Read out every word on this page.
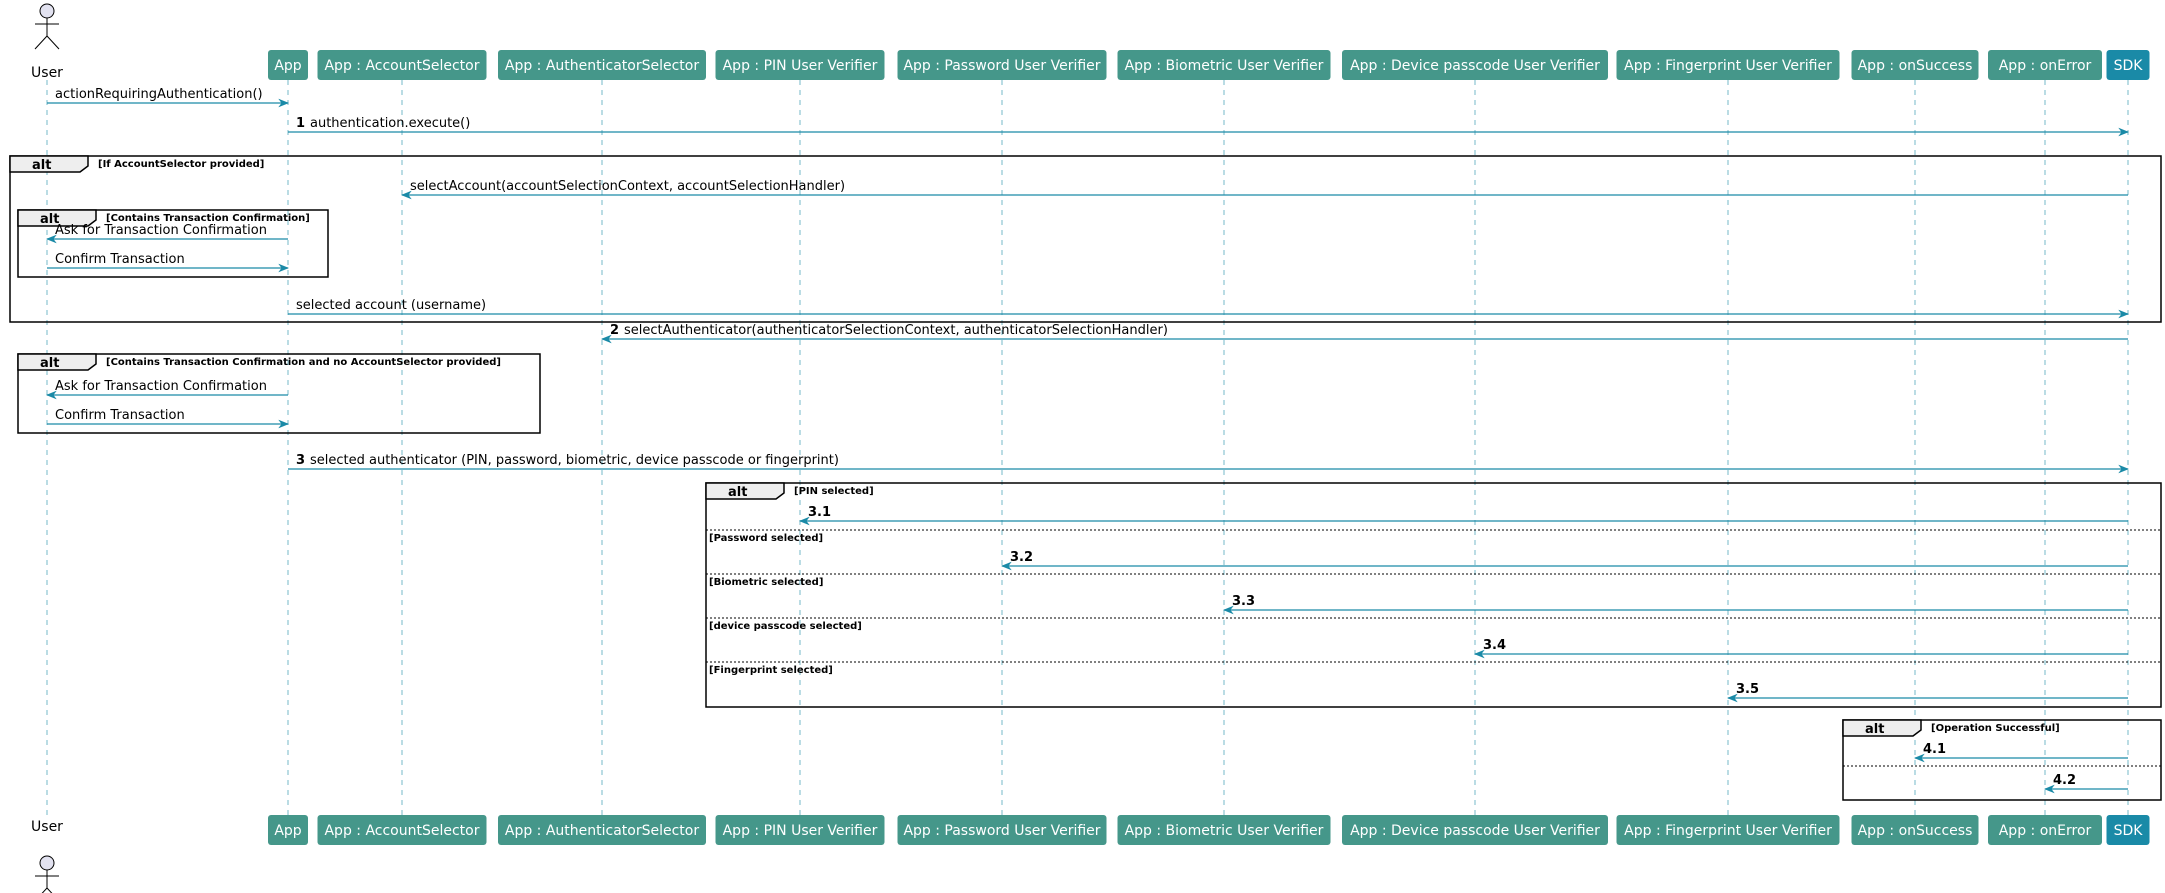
alt	[If AccountSelector provided]
alt	[Contains Transaction Confirmation]
alt	[Contains Transaction Confirmation and no AccountSelector provided]
alt	[PIN selected]
[Password selected]
[Biometric selected]
[device passcode selected]
[Fingerprint selected]
alt	[Operation Successful]
actionRequiringAuthentication()
1 authentication.execute()
selectAccount(accountSelectionContext, accountSelectionHandler)
Ask for Transaction Confirmation
Confirm Transaction
selected account (username)
2 selectAuthenticator(authenticatorSelectionContext, authenticatorSelectionHandler)
Ask for Transaction Confirmation
Confirm Transaction
3 selected authenticator (PIN, password, biometric, device passcode or fingerprint)
3.1
3.2
3.3
3.4
3.5
4.1
4.2
User
User
App
App
App : AccountSelector
App : AccountSelector
App : AuthenticatorSelector
App : AuthenticatorSelector
App : PIN User Verifier
App : PIN User Verifier
App : Password User Verifier
App : Password User Verifier
App : Biometric User Verifier
App : Biometric User Verifier
App : Device passcode User Verifier
App : Device passcode User Verifier
App : Fingerprint User Verifier
App : Fingerprint User Verifier
App : onSuccess
App : onSuccess
App : onError
App : onError
SDK
SDK
